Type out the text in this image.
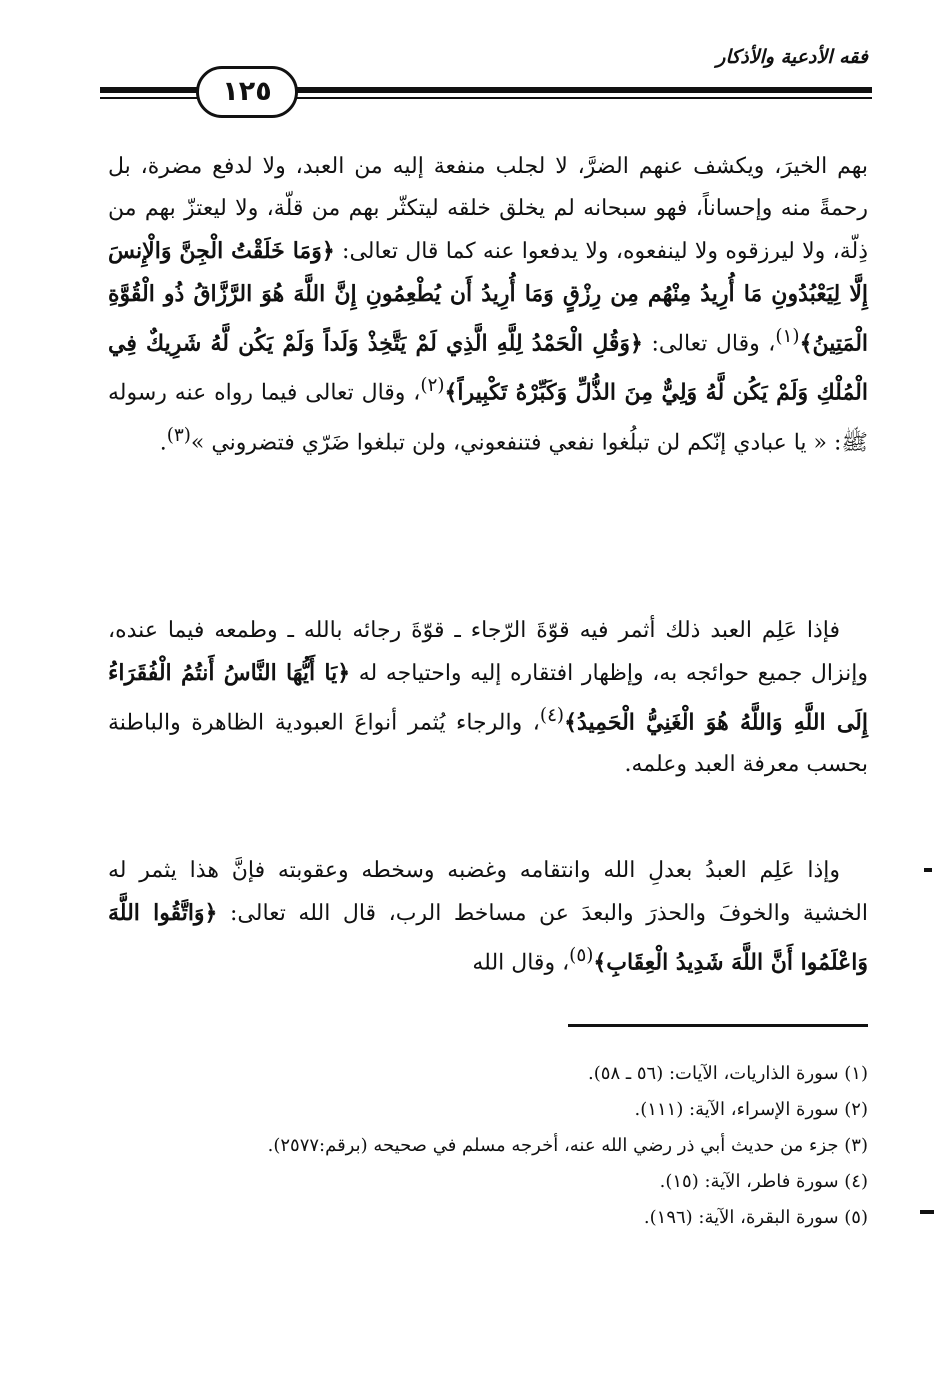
فقه الأدعية والأذكار
١٢٥
بهم الخيرَ، ويكشف عنهم الضرَّ، لا لجلب منفعة إليه من العبد، ولا لدفع مضرة، بل رحمةً منه وإحساناً، فهو سبحانه لم يخلق خلقه ليتكثّر بهم من قلّة، ولا ليعتزّ بهم من ذِلّة، ولا ليرزقوه ولا لينفعوه، ولا يدفعوا عنه كما قال تعالى: ﴿وَمَا خَلَقْتُ الْجِنَّ وَالْإِنسَ إِلَّا لِيَعْبُدُونِ مَا أُرِيدُ مِنْهُم مِن رِزْقٍ وَمَا أُرِيدُ أَن يُطْعِمُونِ إِنَّ اللَّهَ هُوَ الرَّزَّاقُ ذُو الْقُوَّةِ الْمَتِينُ﴾$^{(١)}$، وقال تعالى: ﴿وَقُلِ الْحَمْدُ لِلَّهِ الَّذِي لَمْ يَتَّخِذْ وَلَداً وَلَمْ يَكُن لَّهُ شَرِيكٌ فِي الْمُلْكِ وَلَمْ يَكُن لَّهُ وَلِيٌّ مِنَ الذُّلِّ وَكَبِّرْهُ تَكْبِيراً﴾$^{(٢)}$، وقال تعالى فيما رواه عنه رسوله ﷺ: « يا عبادي إنّكم لن تبلُغوا نفعي فتنفعوني، ولن تبلغوا ضَرّي فتضروني »$^{(٣)}$.
فإذا عَلِم العبد ذلك أثمر فيه قوّةَ الرّجاء ـ قوّةَ رجائه بالله ـ وطمعه فيما عنده، وإنزال جميع حوائجه به، وإظهار افتقاره إليه واحتياجه له ﴿يَا أَيُّهَا النَّاسُ أَنتُمُ الْفُقَرَاءُ إِلَى اللَّهِ وَاللَّهُ هُوَ الْغَنِيُّ الْحَمِيدُ﴾$^{(٤)}$، والرجاء يُثمر أنواعَ العبودية الظاهرة والباطنة بحسب معرفة العبد وعلمه.
وإذا عَلِم العبدُ بعدلِ الله وانتقامه وغضبه وسخطه وعقوبته فإنَّ هذا يثمر له الخشية والخوفَ والحذرَ والبعدَ عن مساخط الرب، قال الله تعالى: ﴿وَاتَّقُوا اللَّهَ وَاعْلَمُوا أَنَّ اللَّهَ شَدِيدُ الْعِقَابِ﴾$^{(٥)}$، وقال الله
(١) سورة الذاريات، الآيات: (٥٦ ـ ٥٨).
(٢) سورة الإسراء، الآية: (١١١).
(٣) جزء من حديث أبي ذر رضي الله عنه، أخرجه مسلم في صحيحه (برقم:٢٥٧٧).
(٤) سورة فاطر، الآية: (١٥).
(٥) سورة البقرة، الآية: (١٩٦).
